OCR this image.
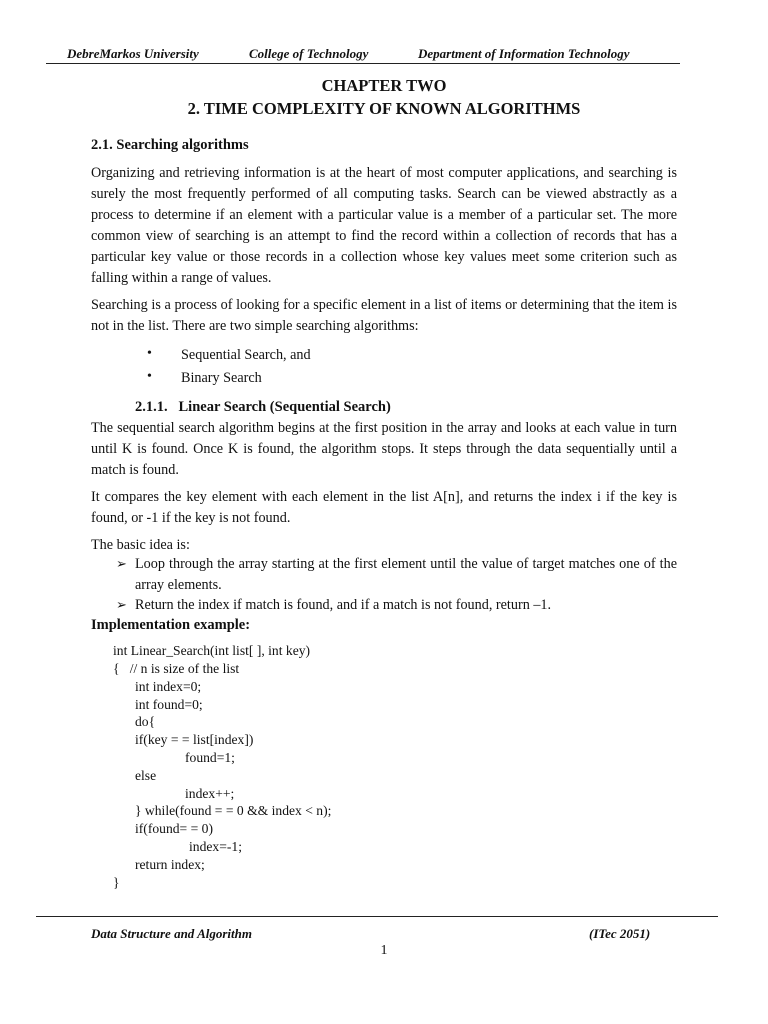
DebreMarkos University	College of Technology	Department of Information Technology
CHAPTER TWO
2. TIME COMPLEXITY OF KNOWN ALGORITHMS
2.1. Searching algorithms
Organizing and retrieving information is at the heart of most computer applications, and searching is surely the most frequently performed of all computing tasks. Search can be viewed abstractly as a process to determine if an element with a particular value is a member of a particular set. The more common view of searching is an attempt to find the record within a collection of records that has a particular key value or those records in a collection whose key values meet some criterion such as falling within a range of values.
Searching is a process of looking for a specific element in a list of items or determining that the item is not in the list. There are two simple searching algorithms:
• Sequential Search, and
• Binary Search
2.1.1.   Linear Search (Sequential Search)
The sequential search algorithm begins at the first position in the array and looks at each value in turn until K is found. Once K is found, the algorithm stops. It steps through the data sequentially until a match is found.
It compares the key element with each element in the list A[n], and returns the index i if the key is found, or -1 if the key is not found.
The basic idea is:
➢ Loop through the array starting at the first element until the value of target matches one of the array elements.
➢ Return the index if match is found, and if a match is not found, return –1.
Implementation example:
int Linear_Search(int list[ ], int key)
{   // n is size of the list
int index=0;
int found=0;
do{
if(key = = list[index])
found=1;
else
index++;
} while(found = = 0 && index < n);
if(found= = 0)
index=-1;
return index;
}
Data Structure and Algorithm	(ITec 2051)
1
